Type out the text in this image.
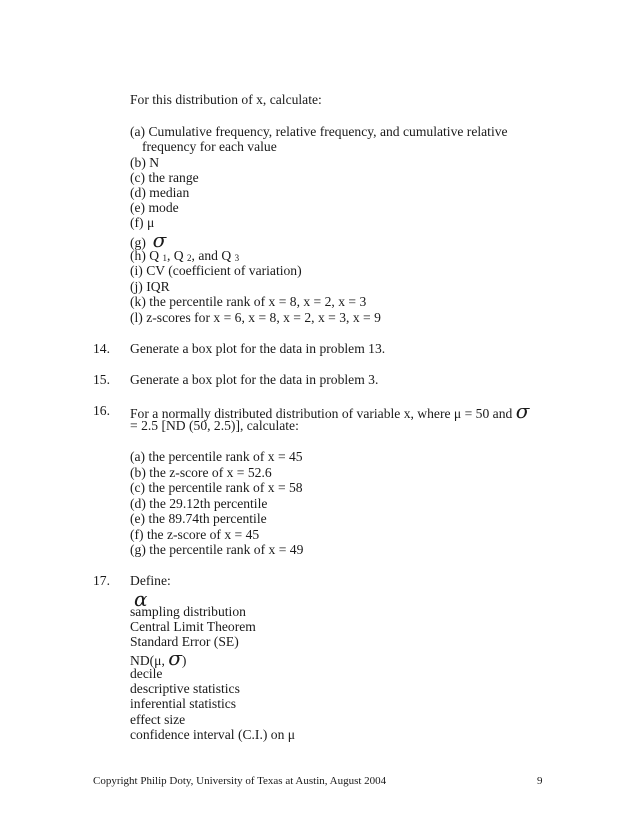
For this distribution of x, calculate:
(a) Cumulative frequency, relative frequency, and cumulative relative
frequency for each value
(b) N
(c) the range
(d) median
(e) mode
(f) μ
(g) σ
(h) Q 1, Q 2, and Q 3
(i) CV (coefficient of variation)
(j) IQR
(k) the percentile rank of x = 8, x = 2, x = 3
(l) z-scores for x = 6, x = 8, x = 2, x = 3, x = 9
14. Generate a box plot for the data in problem 13.
15. Generate a box plot for the data in problem 3.
16. For a normally distributed distribution of variable x, where μ = 50 and σ
= 2.5 [ND (50, 2.5)], calculate:
(a) the percentile rank of x = 45
(b) the z-score of x = 52.6
(c) the percentile rank of x = 58
(d) the 29.12th percentile
(e) the 89.74th percentile
(f) the z-score of x = 45
(g) the percentile rank of x = 49
17. Define:
α
sampling distribution
Central Limit Theorem
Standard Error (SE)
ND(μ, σ)
decile
descriptive statistics
inferential statistics
effect size
confidence interval (C.I.) on μ
Copyright Philip Doty, University of Texas at Austin, August 2004	9
